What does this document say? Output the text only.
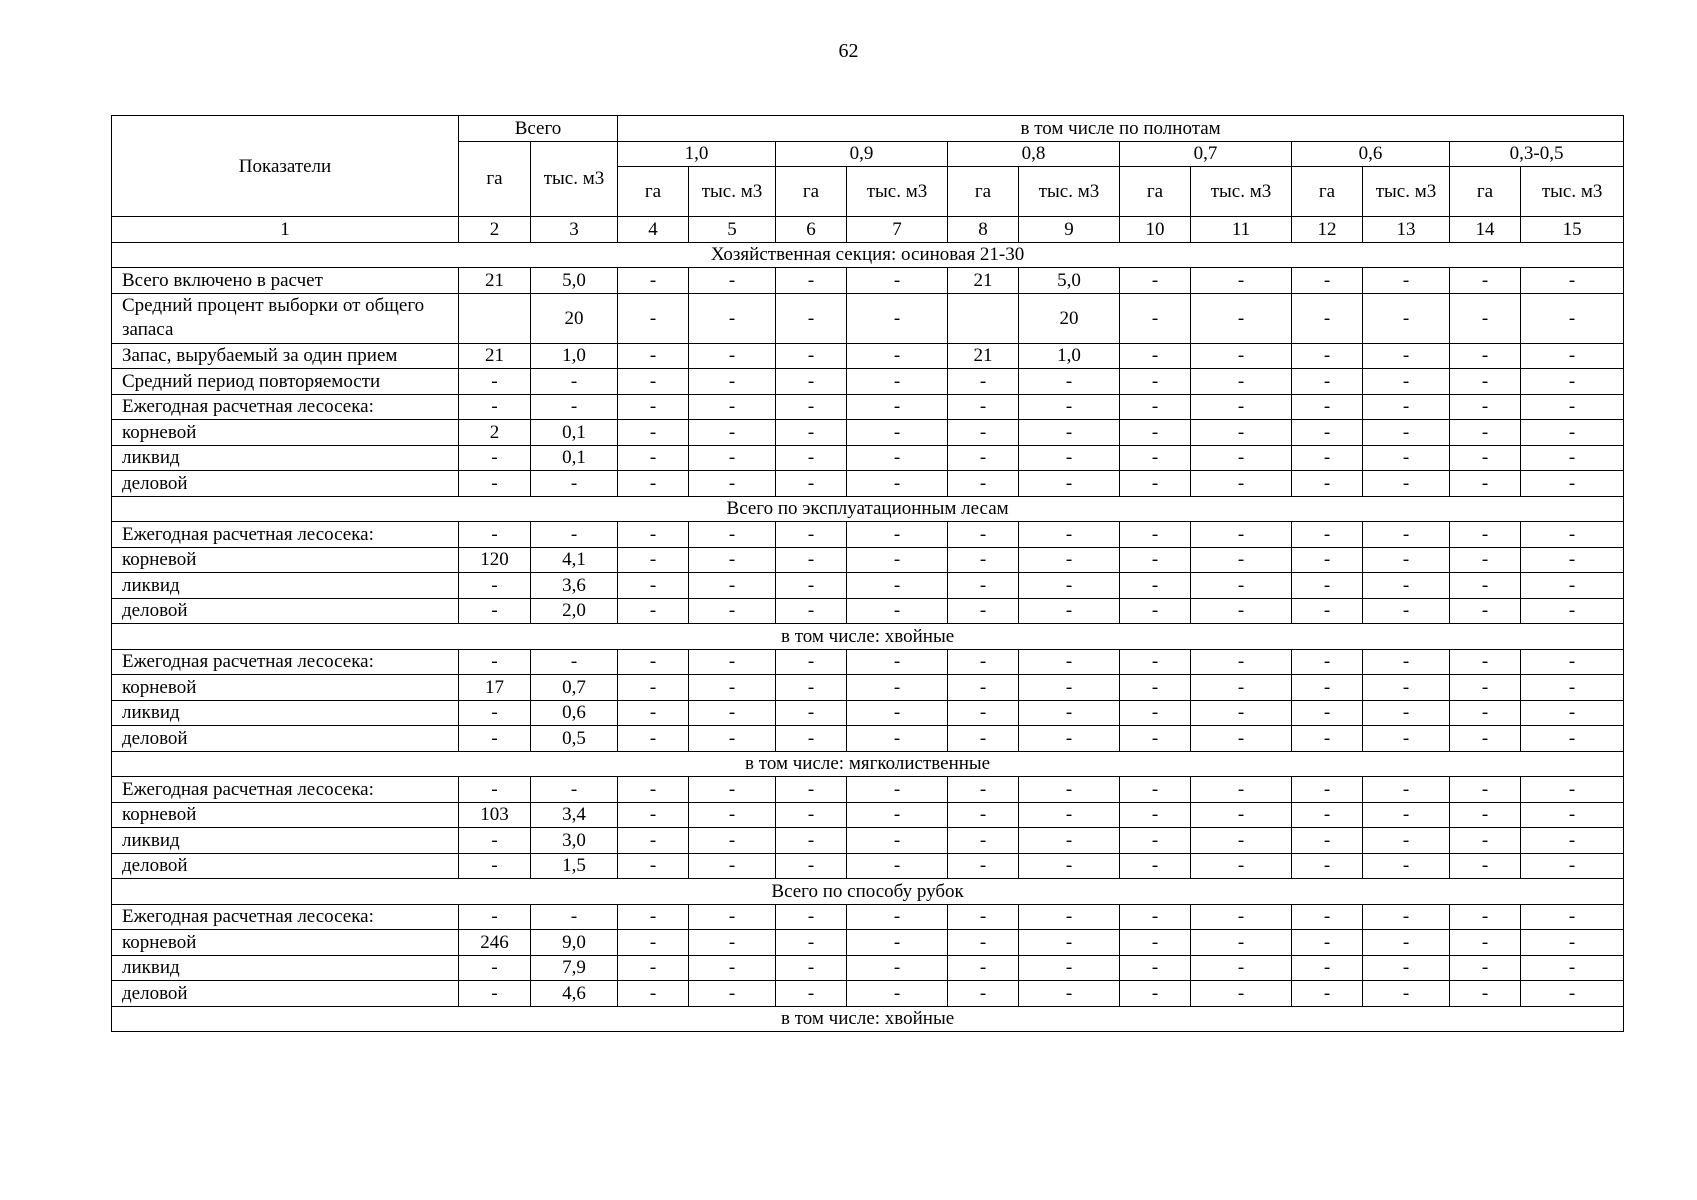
62
Показатели	Всего		в том числе по полнотам											
	га	тыс. м3	1,0		0,9		0,8		0,7		0,6		0,3-0,5	
			га	тыс. м3	га	тыс. м3	га	тыс. м3	га	тыс. м3	га	тыс. м3	га	тыс. м3
1	2	3	4	5	6	7	8	9	10	11	12	13	14	15
Хозяйственная секция: осиновая 21-30														
Всего включено в расчет	21	5,0	-	-	-	-	21	5,0	-	-	-	-	-	-
Средний процент выборки от общего запаса		20	-	-	-	-		20	-	-	-	-	-	-
Запас, вырубаемый за один прием	21	1,0	-	-	-	-	21	1,0	-	-	-	-	-	-
Средний период повторяемости	-	-	-	-	-	-	-	-	-	-	-	-	-	-
Ежегодная расчетная лесосека:	-	-	-	-	-	-	-	-	-	-	-	-	-	-
корневой	2	0,1	-	-	-	-	-	-	-	-	-	-	-	-
ликвид	-	0,1	-	-	-	-	-	-	-	-	-	-	-	-
деловой	-	-	-	-	-	-	-	-	-	-	-	-	-	-
Всего по эксплуатационным лесам														
Ежегодная расчетная лесосека:	-	-	-	-	-	-	-	-	-	-	-	-	-	-
корневой	120	4,1	-	-	-	-	-	-	-	-	-	-	-	-
ликвид	-	3,6	-	-	-	-	-	-	-	-	-	-	-	-
деловой	-	2,0	-	-	-	-	-	-	-	-	-	-	-	-
в том числе: хвойные														
Ежегодная расчетная лесосека:	-	-	-	-	-	-	-	-	-	-	-	-	-	-
корневой	17	0,7	-	-	-	-	-	-	-	-	-	-	-	-
ликвид	-	0,6	-	-	-	-	-	-	-	-	-	-	-	-
деловой	-	0,5	-	-	-	-	-	-	-	-	-	-	-	-
в том числе: мягколиственные														
Ежегодная расчетная лесосека:	-	-	-	-	-	-	-	-	-	-	-	-	-	-
корневой	103	3,4	-	-	-	-	-	-	-	-	-	-	-	-
ликвид	-	3,0	-	-	-	-	-	-	-	-	-	-	-	-
деловой	-	1,5	-	-	-	-	-	-	-	-	-	-	-	-
Всего по способу рубок														
Ежегодная расчетная лесосека:	-	-	-	-	-	-	-	-	-	-	-	-	-	-
корневой	246	9,0	-	-	-	-	-	-	-	-	-	-	-	-
ликвид	-	7,9	-	-	-	-	-	-	-	-	-	-	-	-
деловой	-	4,6	-	-	-	-	-	-	-	-	-	-	-	-
в том числе: хвойные														
